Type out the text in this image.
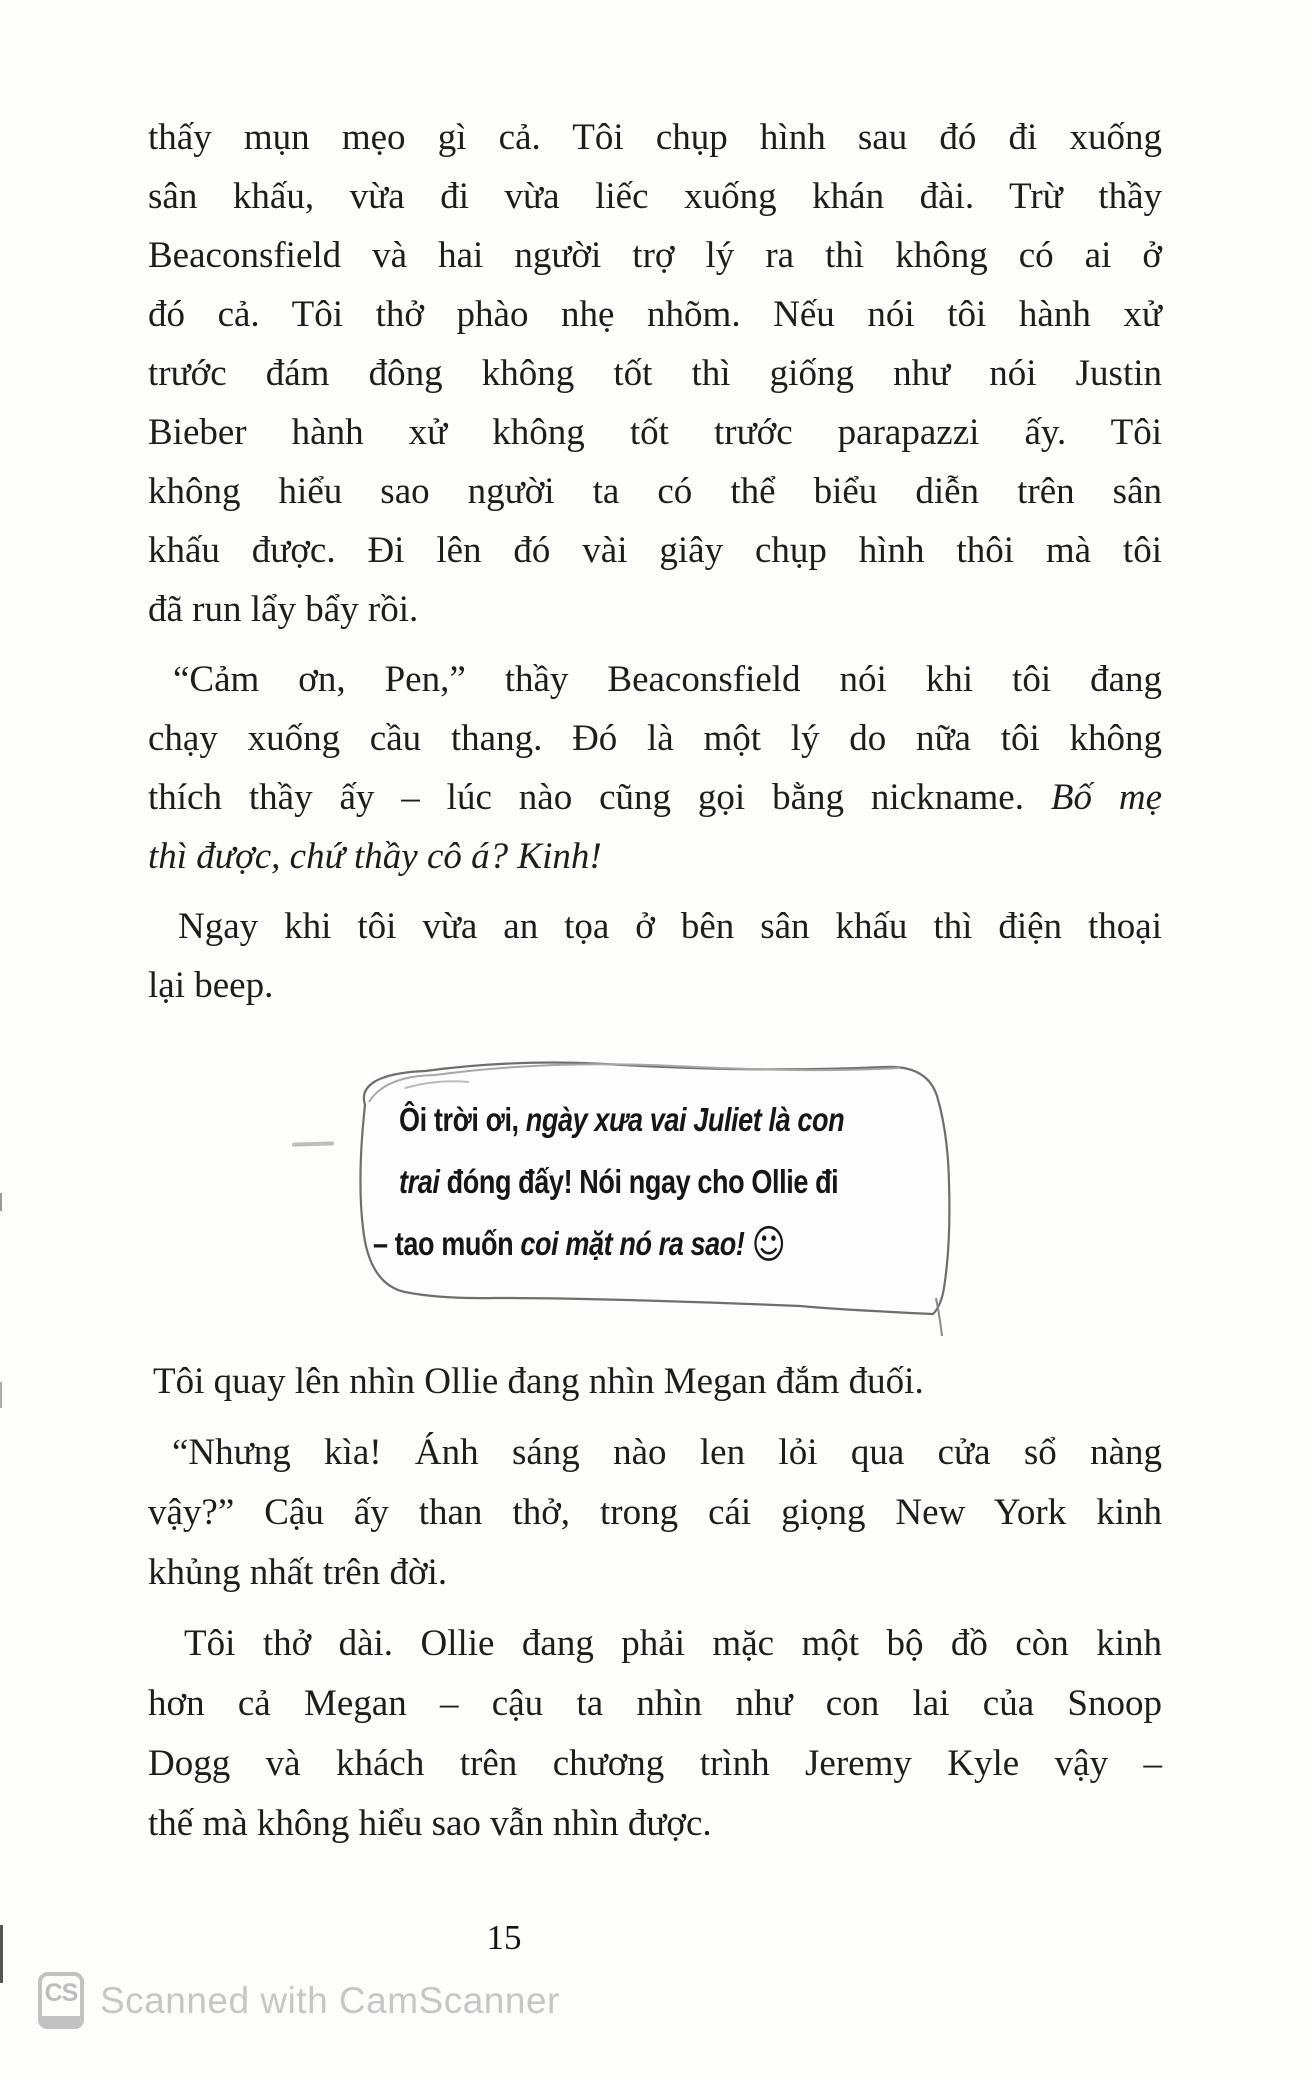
thấy mụn mẹo gì cả. Tôi chụp hình sau đó đi xuống
sân khấu, vừa đi vừa liếc xuống khán đài. Trừ thầy
Beaconsfield và hai người trợ lý ra thì không có ai ở
đó cả. Tôi thở phào nhẹ nhõm. Nếu nói tôi hành xử
trước đám đông không tốt thì giống như nói Justin
Bieber hành xử không tốt trước parapazzi ấy. Tôi
không hiểu sao người ta có thể biểu diễn trên sân
khấu được. Đi lên đó vài giây chụp hình thôi mà tôi
đã run lẩy bẩy rồi.
“Cảm ơn, Pen,” thầy Beaconsfield nói khi tôi đang
chạy xuống cầu thang. Đó là một lý do nữa tôi không
thích thầy ấy – lúc nào cũng gọi bằng nickname. Bố mẹ
thì được, chứ thầy cô á? Kinh!
Ngay khi tôi vừa an tọa ở bên sân khấu thì điện thoại
lại beep.
Ôi trời ơi, ngày xưa vai Juliet là con
trai đóng đấy! Nói ngay cho Ollie đi
– tao muốn coi mặt nó ra sao! ☺
Tôi quay lên nhìn Ollie đang nhìn Megan đắm đuối.
“Nhưng kìa! Ánh sáng nào len lỏi qua cửa sổ nàng
vậy?” Cậu ấy than thở, trong cái giọng New York kinh
khủng nhất trên đời.
Tôi thở dài. Ollie đang phải mặc một bộ đồ còn kinh
hơn cả Megan – cậu ta nhìn như con lai của Snoop
Dogg và khách trên chương trình Jeremy Kyle vậy –
thế mà không hiểu sao vẫn nhìn được.
15
CS Scanned with CamScanner
